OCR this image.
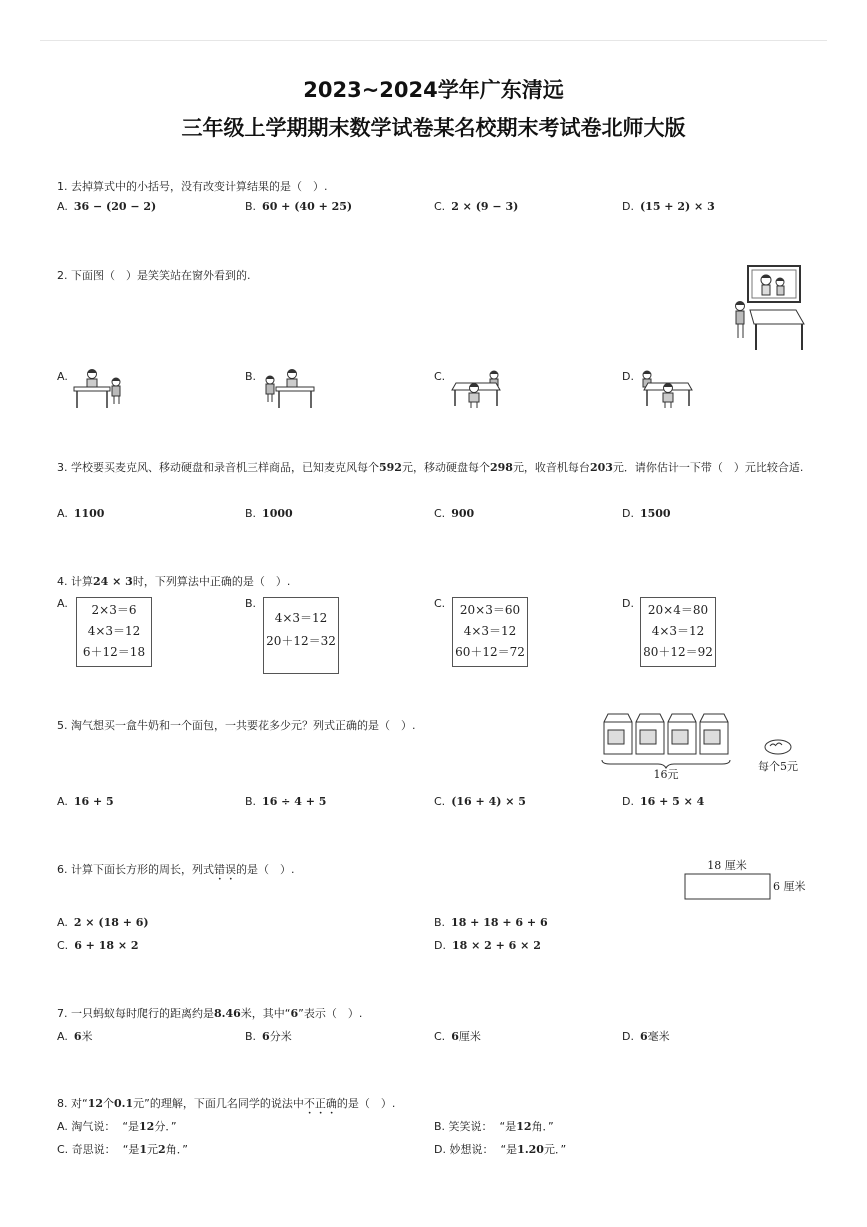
2023~2024学年广东清远
三年级上学期期末数学试卷某名校期末考试卷北师大版
1. 去掉算式中的小括号，没有改变计算结果的是（　）.
A. 36 − (20 − 2)	B. 60 + (40 + 25)	C. 2 × (9 − 3)	D. (15 + 2) × 3
2. 下面图（　）是笑笑站在窗外看到的.
A.	B.	C.	D.
3. 学校要买麦克风、移动硬盘和录音机三样商品，已知麦克风每个592元，移动硬盘每个298元，收音机每台203元．请你估计一下带（　）元比较合适.
A. 1100	B. 1000	C. 900	D. 1500
4. 计算24 × 3时，下列算法中正确的是（　）.
A.	2×3＝6
4×3＝12
6＋12＝18
B.
4×3＝12
20＋12＝32
C.	20×3＝60
4×3＝12
60＋12＝72
D.	20×4＝80
4×3＝12
80＋12＝92
5. 淘气想买一盒牛奶和一个面包，一共要花多少元？列式正确的是（　）.
16元
每个5元
A. 16 + 5	B. 16 ÷ 4 + 5	C. (16 + 4) × 5	D. 16 + 5 × 4
6. 计算下面长方形的周长，列式错误的是（　）.	18 厘米
6 厘米
A. 2 × (18 + 6)	B. 18 + 18 + 6 + 6
C. 6 + 18 × 2	D. 18 × 2 + 6 × 2
7. 一只蚂蚁每时爬行的距离约是8.46米，其中“6”表示（　）.
A. 6米	B. 6分米	C. 6厘米	D. 6毫米
8. 对“12个0.1元”的理解，下面几名同学的说法中不正确的是（　）.
A. 淘气说： “是12分．”	B. 笑笑说： “是12角．”
C. 奇思说： “是1元2角．”	D. 妙想说： “是1.20元．”
